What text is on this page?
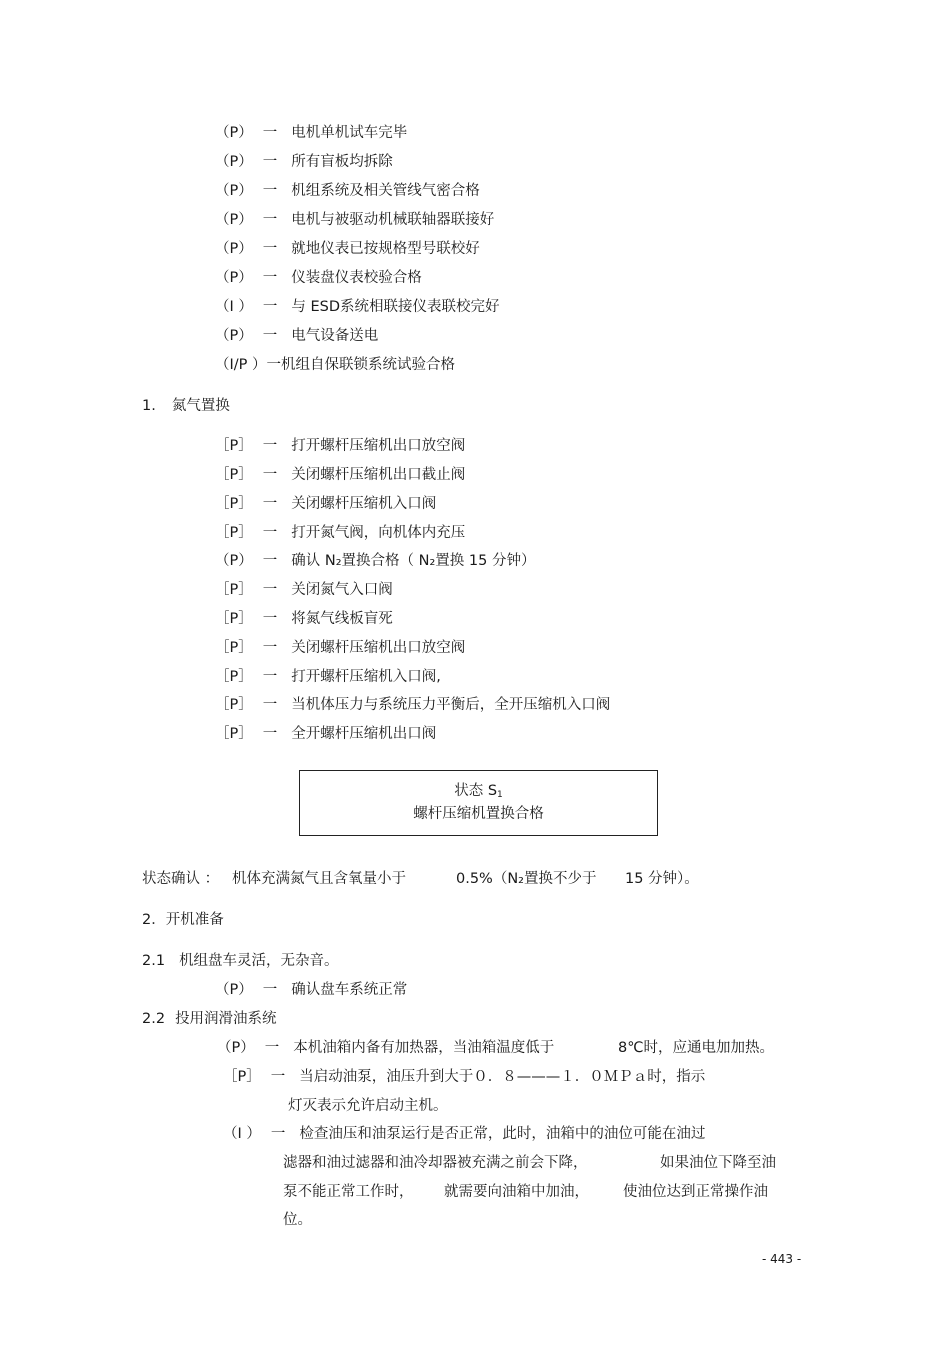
（P） 一 电机单机试车完毕
（P） 一 所有盲板均拆除
（P） 一 机组系统及相关管线气密合格
（P） 一 电机与被驱动机械联轴器联接好
（P） 一 就地仪表已按规格型号联校好
（P） 一 仪装盘仪表校验合格
（I ） 一 与 ESD系统相联接仪表联校完好
（P） 一 电气设备送电
（I/P ）一机组自保联锁系统试验合格
1. 氮气置换
［P］ 一 打开螺杆压缩机出口放空阀
［P］ 一 关闭螺杆压缩机出口截止阀
［P］ 一 关闭螺杆压缩机入口阀
［P］ 一 打开氮气阀，向机体内充压
（P） 一 确认 N₂置换合格（ N₂置换 15 分钟）
［P］ 一 关闭氮气入口阀
［P］ 一 将氮气线板盲死
［P］ 一 关闭螺杆压缩机出口放空阀
［P］ 一 打开螺杆压缩机入口阀,
［P］ 一 当机体压力与系统压力平衡后，全开压缩机入口阀
［P］ 一 全开螺杆压缩机出口阀
状态 $S_1$
螺杆压缩机置换合格
状态确认 ： 机体充满氮气且含氧量小于	0.5%（N₂置换不少于 15 分钟）。
2．开机准备
2.1 机组盘车灵活，无杂音。
（P） 一 确认盘车系统正常
2.2 投用润滑油系统
（P） 一 本机油箱内备有加热器，当油箱温度低于	8℃时，应通电加加热。
［P］ 一 当启动油泵，油压升到大于０．８———１．０ＭＰａ时，指示
灯灭表示允许启动主机。
（I ） 一 检查油压和油泵运行是否正常，此时，油箱中的油位可能在油过
滤器和油过滤器和油冷却器被充满之前会下降，	如果油位下降至油
泵不能正常工作时， 就需要向油箱中加油， 使油位达到正常操作油
位。
- 443 -
